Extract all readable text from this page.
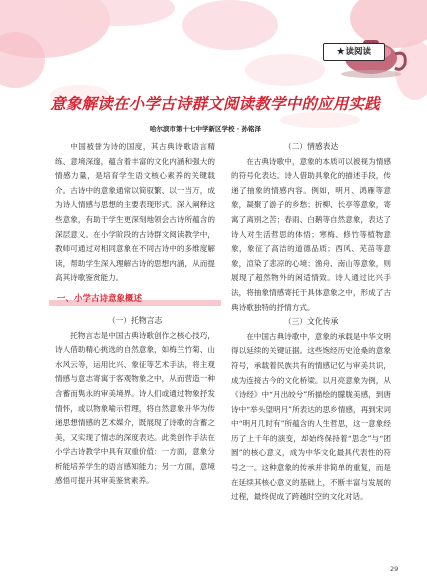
★读阅读
意象解读在小学古诗群文阅读教学中的应用实践
哈尔滨市第十七中学新区学校 · 孙铭泽

中国被誉为诗的国度，其古典诗歌语言精练、意境深邃，蕴含着丰富的文化内涵和强大的情感力量，是培育学生语文核心素养的关键载介。古诗中的意象通常以简驭繁、以一当万，成为诗人情感与思想的主要表现形式。深入阐释这些意象，有助于学生更深刻地领会古诗所蕴含的深层意义。在小学阶段的古诗群文阅读教学中，教师可通过对相同意象在不同古诗中的多维度解读，帮助学生深入理解古诗的思想内涵，从而提高其诗歌鉴赏能力。

一、小学古诗意象概述

（一）托物言志

托物言志是中国古典诗歌创作之核心技巧，诗人借助精心挑选的自然意象，如梅兰竹菊、山水风云等，运用比兴、象征等艺术手法，将主观情感与意志寄寓于客观物象之中，从而营造一种含蓄而隽永的审美境界。诗人们或通过物象抒发情怀，或以物象喻示哲理，将自然意象升华为传递思想情感的艺术媒介，既展现了诗歌的含蓄之美，又实现了情志的深度表达。此类创作手法在小学古诗教学中具有双重价值：一方面，意象分析能培养学生的语言感知能力；另一方面，意境感悟可提升其审美鉴赏素养。

（二）情感表达

在古典诗歌中，意象的本质可以被视为情感的符号化表达。诗人借助具象化的描述手段，传递了抽象的情感内容。例如，明月、鸿雁等意象，凝聚了游子的乡愁；折柳、长亭等意象，寄寓了离别之苦；春雨、白鹅等自然意象，表达了诗人对生活哲思的体悟；寒梅、修竹等植物意象，象征了高洁的道德品质；西风、芜苗等意象，渲染了悲凉的心境；渔舟、南山等意象，则展现了超然物外的闲适情致。诗人通过比兴手法，将抽象情感寄托于具体意象之中，形成了古典诗歌独特的抒情方式。

（三）文化传承

在中国古典诗歌中，意象的承载是中华文明得以延续的关键证据。这些饱经历史沧桑的意象符号，承载着民族共有的情感记忆与审美共识，成为连接古今的文化桥梁。以月亮意象为例，从《诗经》中“月出皎兮”所描绘的朦胧美感，到唐诗中“举头望明月”所表达的思乡情感，再到宋词中“明月几时有”所蕴含的人生哲思，这一意象经历了上千年的演变，却始终保持着“思念”与“团圆”的核心意义，成为中华文化最具代表性的符号之一。这种意象的传承并非简单的重复，而是在延续其核心意义的基础上，不断丰富与发展的过程，最终促成了跨越时空的文化对话。

29
